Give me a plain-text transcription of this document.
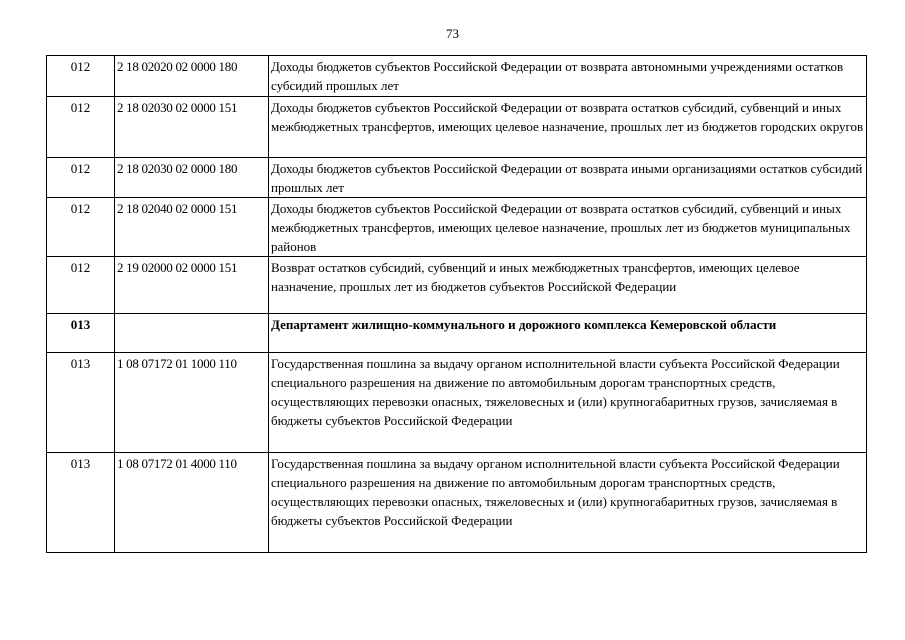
73
012	2 18 02020 02 0000 180	Доходы бюджетов субъектов Российской Федерации от возврата автономными учреждениями остатков субсидий прошлых лет
012	2 18 02030 02 0000 151	Доходы бюджетов субъектов Российской Федерации от возврата остатков субсидий, субвенций и иных межбюджетных трансфертов, имеющих целевое назначение, прошлых лет из бюджетов городских округов
012	2 18 02030 02 0000 180	Доходы бюджетов субъектов Российской Федерации от возврата иными организациями остатков субсидий прошлых лет
012	2 18 02040 02 0000 151	Доходы бюджетов субъектов Российской Федерации от возврата остатков субсидий, субвенций и иных межбюджетных трансфертов, имеющих целевое назначение, прошлых лет из бюджетов муниципальных районов
012	2 19 02000 02 0000 151	Возврат остатков субсидий, субвенций и иных межбюджетных трансфертов, имеющих целевое назначение, прошлых лет из бюджетов субъектов Российской Федерации
013		Департамент жилищно-коммунального и дорожного комплекса Кемеровской области
013	1 08 07172 01 1000 110	Государственная пошлина за выдачу органом исполнительной власти субъекта Российской Федерации специального разрешения на движение по автомобильным дорогам транспортных средств, осуществляющих перевозки опасных, тяжеловесных и (или) крупногабаритных грузов, зачисляемая в бюджеты субъектов Российской Федерации
013	1 08 07172 01 4000 110	Государственная пошлина за выдачу органом исполнительной власти субъекта Российской Федерации специального разрешения на движение по автомобильным дорогам транспортных средств, осуществляющих перевозки опасных, тяжеловесных и (или) крупногабаритных грузов, зачисляемая в бюджеты субъектов Российской Федерации
